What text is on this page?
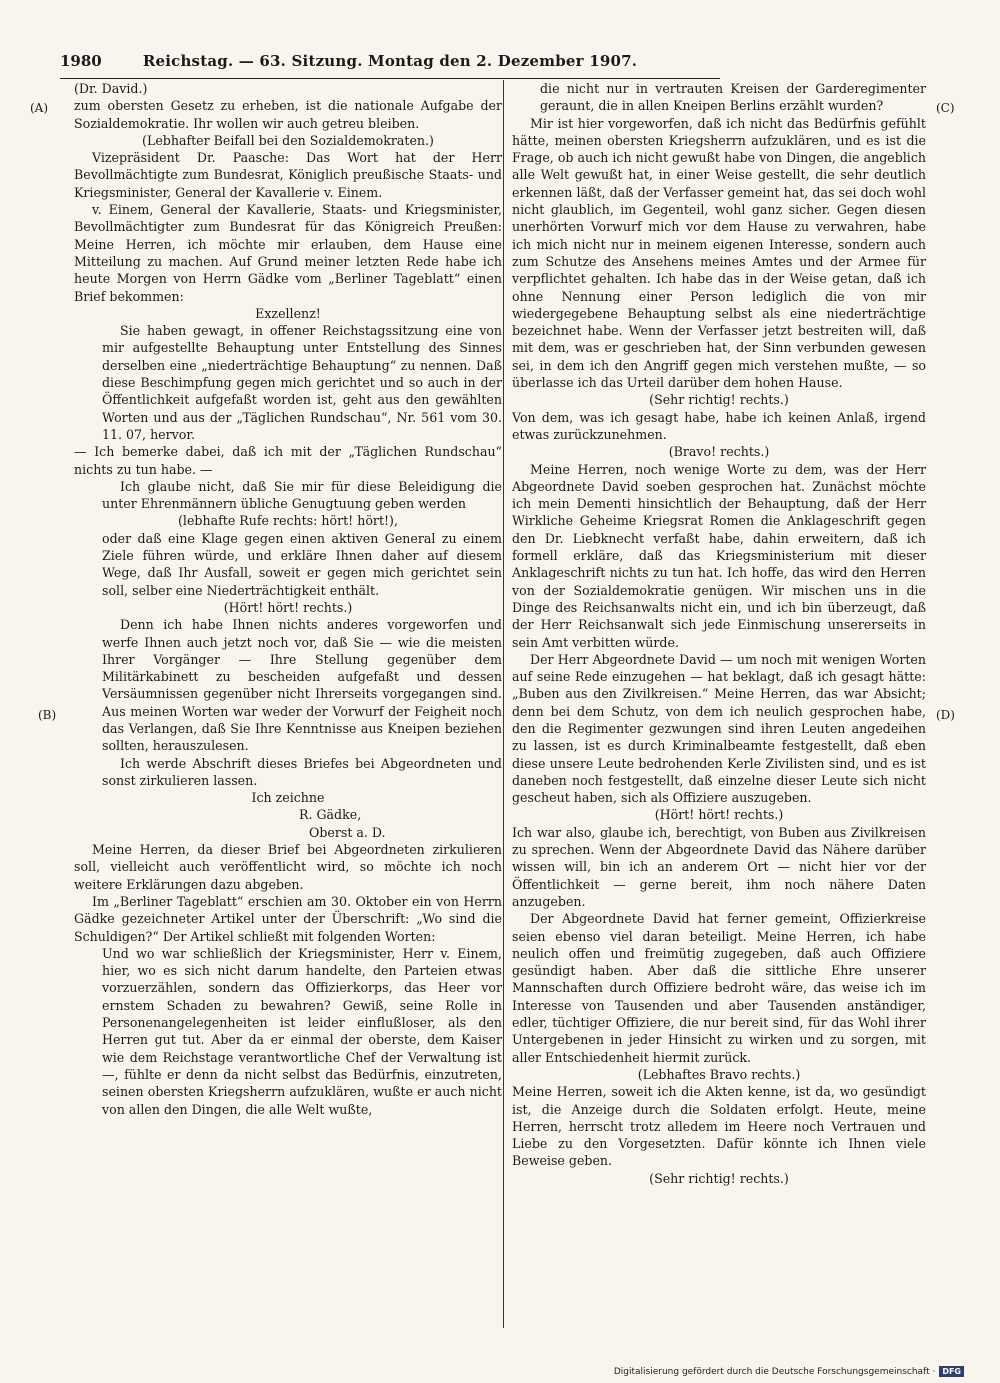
1980	Reichstag. — 63. Sitzung. Montag den 2. Dezember 1907.
(A)
(B)
(C)
(D)

(Dr. David.)

zum obersten Gesetz zu erheben, ist die nationale Aufgabe der Sozialdemokratie. Ihr wollen wir auch getreu bleiben.

(Lebhafter Beifall bei den Sozialdemokraten.)

Vizepräsident Dr. Paasche: Das Wort hat der Herr Bevollmächtigte zum Bundesrat, Königlich preußische Staats- und Kriegsminister, General der Kavallerie v. Einem.

v. Einem, General der Kavallerie, Staats- und Kriegsminister, Bevollmächtigter zum Bundesrat für das Königreich Preußen: Meine Herren, ich möchte mir erlauben, dem Hause eine Mitteilung zu machen. Auf Grund meiner letzten Rede habe ich heute Morgen von Herrn Gädke vom „Berliner Tageblatt“ einen Brief bekommen:

Exzellenz!

Sie haben gewagt, in offener Reichstagssitzung eine von mir aufgestellte Behauptung unter Entstellung des Sinnes derselben eine „niederträchtige Behauptung“ zu nennen. Daß diese Beschimpfung gegen mich gerichtet und so auch in der Öffentlichkeit aufgefaßt worden ist, geht aus den gewählten Worten und aus der „Täglichen Rundschau“, Nr. 561 vom 30. 11. 07, hervor.

— Ich bemerke dabei, daß ich mit der „Täglichen Rundschau“ nichts zu tun habe. —

Ich glaube nicht, daß Sie mir für diese Beleidigung die unter Ehrenmännern übliche Genugtuung geben werden

(lebhafte Rufe rechts: hört! hört!),

oder daß eine Klage gegen einen aktiven General zu einem Ziele führen würde, und erkläre Ihnen daher auf diesem Wege, daß Ihr Ausfall, soweit er gegen mich gerichtet sein soll, selber eine Niederträchtigkeit enthält.

(Hört! hört! rechts.)

Denn ich habe Ihnen nichts anderes vorgeworfen und werfe Ihnen auch jetzt noch vor, daß Sie — wie die meisten Ihrer Vorgänger — Ihre Stellung gegenüber dem Militärkabinett zu bescheiden aufgefaßt und dessen Versäumnissen gegenüber nicht Ihrerseits vorgegangen sind. Aus meinen Worten war weder der Vorwurf der Feigheit noch das Verlangen, daß Sie Ihre Kenntnisse aus Kneipen beziehen sollten, herauszulesen.

Ich werde Abschrift dieses Briefes bei Abgeordneten und sonst zirkulieren lassen.

Ich zeichne

R. Gädke,

Oberst a. D.

Meine Herren, da dieser Brief bei Abgeordneten zirkulieren soll, vielleicht auch veröffentlicht wird, so möchte ich noch weitere Erklärungen dazu abgeben.

Im „Berliner Tageblatt“ erschien am 30. Oktober ein von Herrn Gädke gezeichneter Artikel unter der Überschrift: „Wo sind die Schuldigen?“ Der Artikel schließt mit folgenden Worten:

Und wo war schließlich der Kriegsminister, Herr v. Einem, hier, wo es sich nicht darum handelte, den Parteien etwas vorzuerzählen, sondern das Offizierkorps, das Heer vor ernstem Schaden zu bewahren? Gewiß, seine Rolle in Personenangelegenheiten ist leider einflußloser, als den Herren gut tut. Aber da er einmal der oberste, dem Kaiser wie dem Reichstage verantwortliche Chef der Verwaltung ist —, fühlte er denn da nicht selbst das Bedürfnis, einzutreten, seinen obersten Kriegsherrn aufzuklären, wußte er auch nicht von allen den Dingen, die alle Welt wußte,

die nicht nur in vertrauten Kreisen der Garderegimenter geraunt, die in allen Kneipen Berlins erzählt wurden?

Mir ist hier vorgeworfen, daß ich nicht das Bedürfnis gefühlt hätte, meinen obersten Kriegsherrn aufzuklären, und es ist die Frage, ob auch ich nicht gewußt habe von Dingen, die angeblich alle Welt gewußt hat, in einer Weise gestellt, die sehr deutlich erkennen läßt, daß der Verfasser gemeint hat, das sei doch wohl nicht glaublich, im Gegenteil, wohl ganz sicher. Gegen diesen unerhörten Vorwurf mich vor dem Hause zu verwahren, habe ich mich nicht nur in meinem eigenen Interesse, sondern auch zum Schutze des Ansehens meines Amtes und der Armee für verpflichtet gehalten. Ich habe das in der Weise getan, daß ich ohne Nennung einer Person lediglich die von mir wiedergegebene Behauptung selbst als eine niederträchtige bezeichnet habe. Wenn der Verfasser jetzt bestreiten will, daß mit dem, was er geschrieben hat, der Sinn verbunden gewesen sei, in dem ich den Angriff gegen mich verstehen mußte, — so überlasse ich das Urteil darüber dem hohen Hause.

(Sehr richtig! rechts.)

Von dem, was ich gesagt habe, habe ich keinen Anlaß, irgend etwas zurückzunehmen.

(Bravo! rechts.)

Meine Herren, noch wenige Worte zu dem, was der Herr Abgeordnete David soeben gesprochen hat. Zunächst möchte ich mein Dementi hinsichtlich der Behauptung, daß der Herr Wirkliche Geheime Kriegsrat Romen die Anklageschrift gegen den Dr. Liebknecht verfaßt habe, dahin erweitern, daß ich formell erkläre, daß das Kriegsministerium mit dieser Anklageschrift nichts zu tun hat. Ich hoffe, das wird den Herren von der Sozialdemokratie genügen. Wir mischen uns in die Dinge des Reichsanwalts nicht ein, und ich bin überzeugt, daß der Herr Reichsanwalt sich jede Einmischung unsererseits in sein Amt verbitten würde.

Der Herr Abgeordnete David — um noch mit wenigen Worten auf seine Rede einzugehen — hat beklagt, daß ich gesagt hätte: „Buben aus den Zivilkreisen.“ Meine Herren, das war Absicht; denn bei dem Schutz, von dem ich neulich gesprochen habe, den die Regimenter gezwungen sind ihren Leuten angedeihen zu lassen, ist es durch Kriminalbeamte festgestellt, daß eben diese unsere Leute bedrohenden Kerle Zivilisten sind, und es ist daneben noch festgestellt, daß einzelne dieser Leute sich nicht gescheut haben, sich als Offiziere auszugeben.

(Hört! hört! rechts.)

Ich war also, glaube ich, berechtigt, von Buben aus Zivilkreisen zu sprechen. Wenn der Abgeordnete David das Nähere darüber wissen will, bin ich an anderem Ort — nicht hier vor der Öffentlichkeit — gerne bereit, ihm noch nähere Daten anzugeben.

Der Abgeordnete David hat ferner gemeint, Offizierkreise seien ebenso viel daran beteiligt. Meine Herren, ich habe neulich offen und freimütig zugegeben, daß auch Offiziere gesündigt haben. Aber daß die sittliche Ehre unserer Mannschaften durch Offiziere bedroht wäre, das weise ich im Interesse von Tausenden und aber Tausenden anständiger, edler, tüchtiger Offiziere, die nur bereit sind, für das Wohl ihrer Untergebenen in jeder Hinsicht zu wirken und zu sorgen, mit aller Entschiedenheit hiermit zurück.

(Lebhaftes Bravo rechts.)

Meine Herren, soweit ich die Akten kenne, ist da, wo gesündigt ist, die Anzeige durch die Soldaten erfolgt. Heute, meine Herren, herrscht trotz alledem im Heere noch Vertrauen und Liebe zu den Vorgesetzten. Dafür könnte ich Ihnen viele Beweise geben.

(Sehr richtig! rechts.)

Digitalisierung gefördert durch die Deutsche Forschungsgemeinschaft · DFG
